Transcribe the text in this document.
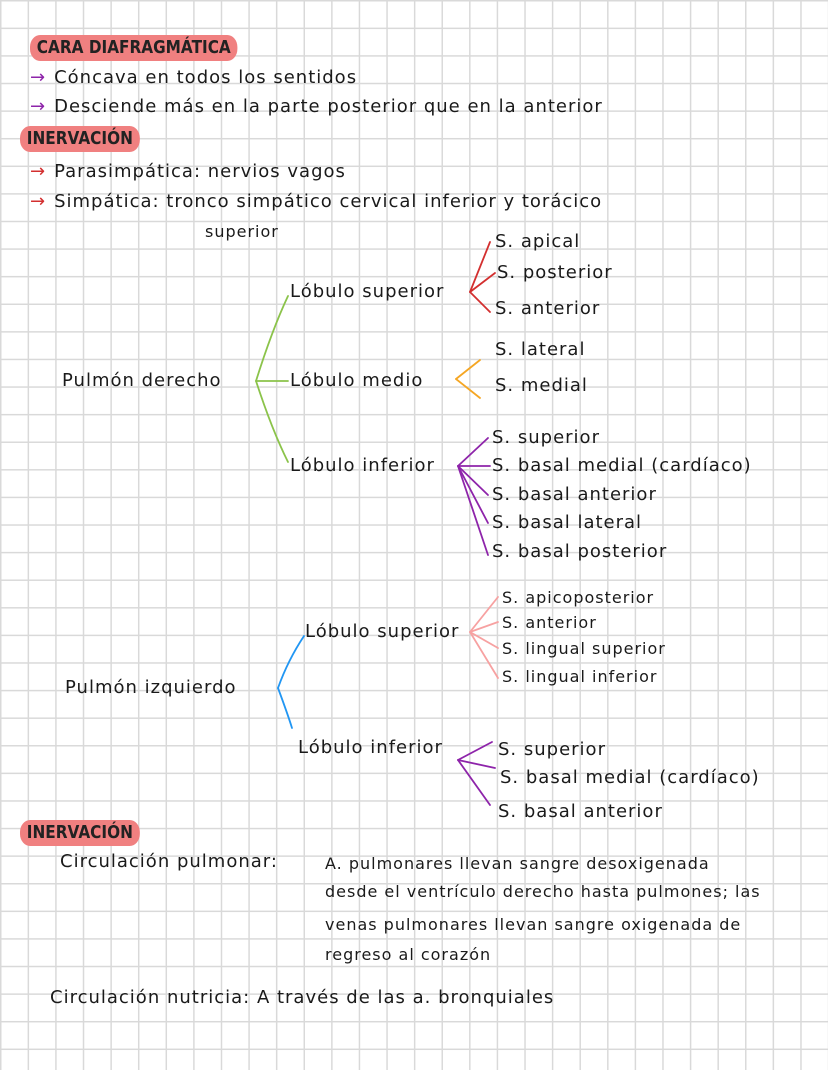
CARA DIAFRAGMÁTICA
→ Cóncava en todos los sentidos
→ Desciende más en la parte posterior que en la anterior
INERVACIÓN
→ Parasimpática: nervios vagos
→ Simpática: tronco simpático cervical inferior y torácico
superior
Pulmón derecho
Lóbulo superior
S. apical
S. posterior
S. anterior
Lóbulo medio
S. lateral
S. medial
Lóbulo inferior
S. superior
S. basal medial (cardíaco)
S. basal anterior
S. basal lateral
S. basal posterior
Pulmón izquierdo
Lóbulo superior
S. apicoposterior
S. anterior
S. lingual superior
S. lingual inferior
Lóbulo inferior	S. superior
S. basal medial (cardíaco)
S. basal anterior
INERVACIÓN
Circulación pulmonar:	A. pulmonares llevan sangre desoxigenada
desde el ventrículo derecho hasta pulmones; las
venas pulmonares llevan sangre oxigenada de
regreso al corazón
Circulación nutricia: A través de las a. bronquiales
